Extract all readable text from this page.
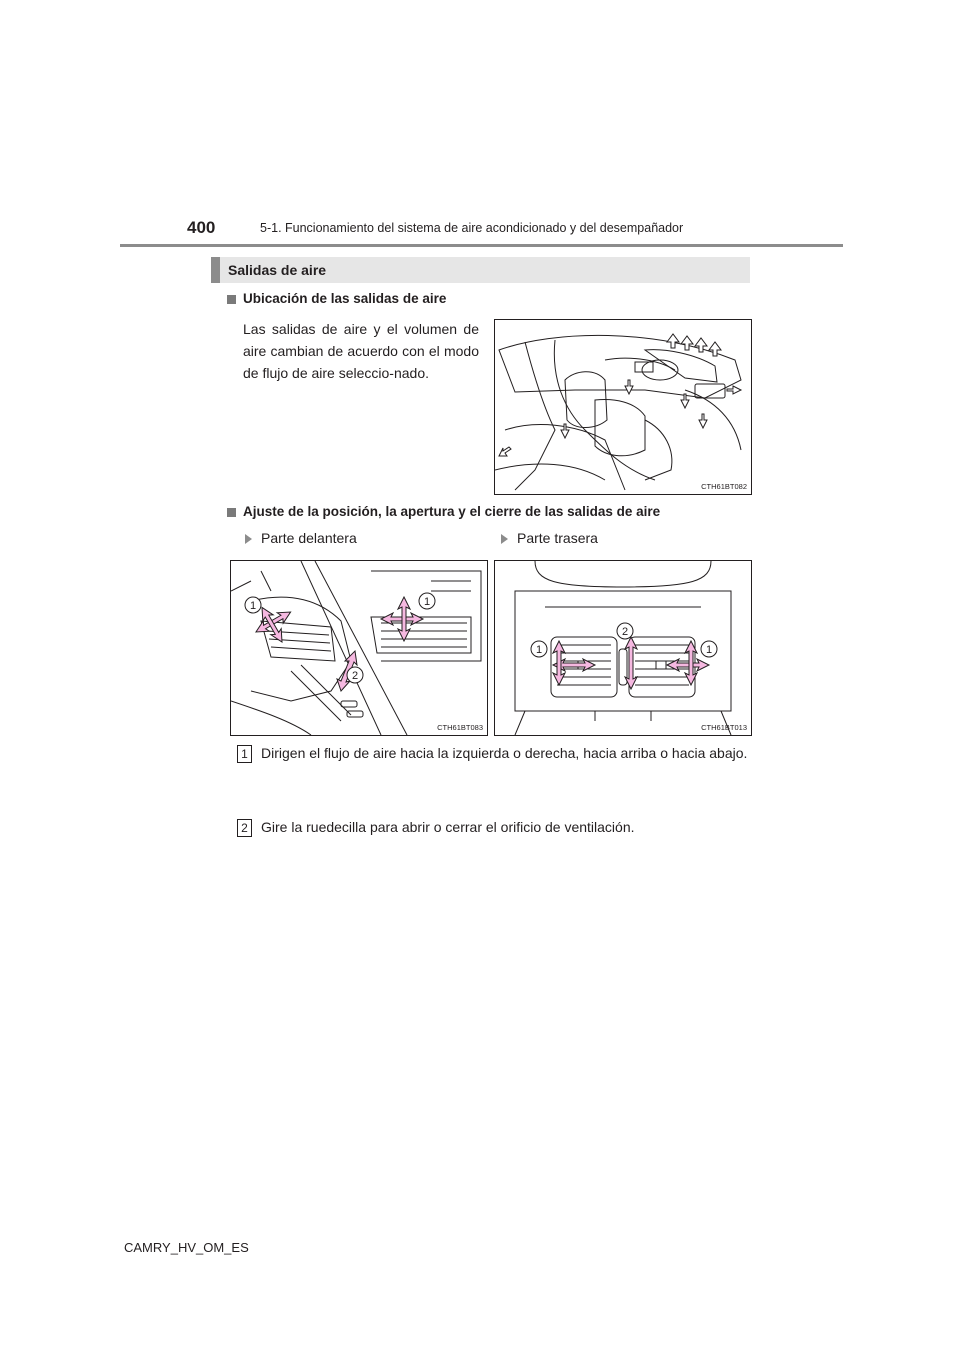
400	5-1. Funcionamiento del sistema de aire acondicionado y del desempañador
Salidas de aire
Ubicación de las salidas de aire
Las salidas de aire y el volumen de aire cambian de acuerdo con el modo de flujo de aire seleccio-nado.
CTH61BT082
Ajuste de la posición, la apertura y el cierre de las salidas de aire
Parte delantera	Parte trasera
1	1
2
CTH61BT083
1	1
2
CTH61BT013
1 Dirigen el flujo de aire hacia la izquierda o derecha, hacia arriba o hacia abajo.
2 Gire la ruedecilla para abrir o cerrar el orificio de ventilación.
CAMRY_HV_OM_ES
